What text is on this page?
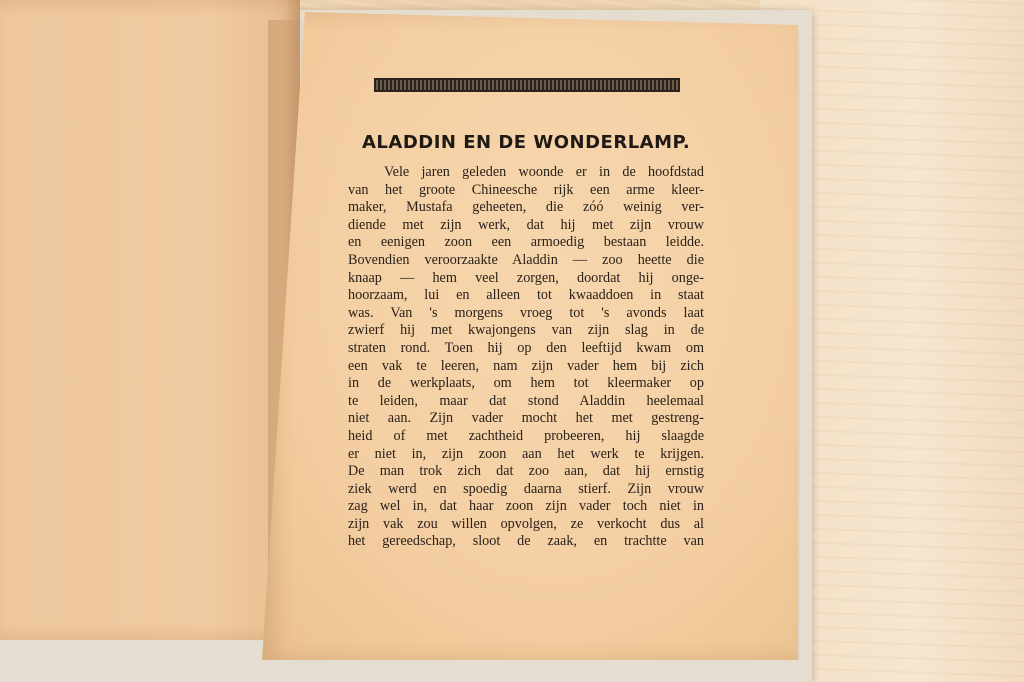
ALADDIN EN DE WONDERLAMP.
Vele jaren geleden woonde er in de hoofdstad
van het groote Chineesche rijk een arme kleer-
maker, Mustafa geheeten, die zóó weinig ver-
diende met zijn werk, dat hij met zijn vrouw
en eenigen zoon een armoedig bestaan leidde.
Bovendien veroorzaakte Aladdin — zoo heette die
knaap — hem veel zorgen, doordat hij onge-
hoorzaam, lui en alleen tot kwaaddoen in staat
was. Van 's morgens vroeg tot 's avonds laat
zwierf hij met kwajongens van zijn slag in de
straten rond. Toen hij op den leeftijd kwam om
een vak te leeren, nam zijn vader hem bij zich
in de werkplaats, om hem tot kleermaker op
te leiden, maar dat stond Aladdin heelemaal
niet aan. Zijn vader mocht het met gestreng-
heid of met zachtheid probeeren, hij slaagde
er niet in, zijn zoon aan het werk te krijgen.
De man trok zich dat zoo aan, dat hij ernstig
ziek werd en spoedig daarna stierf. Zijn vrouw
zag wel in, dat haar zoon zijn vader toch niet in
zijn vak zou willen opvolgen, ze verkocht dus al
het gereedschap, sloot de zaak, en trachtte van
